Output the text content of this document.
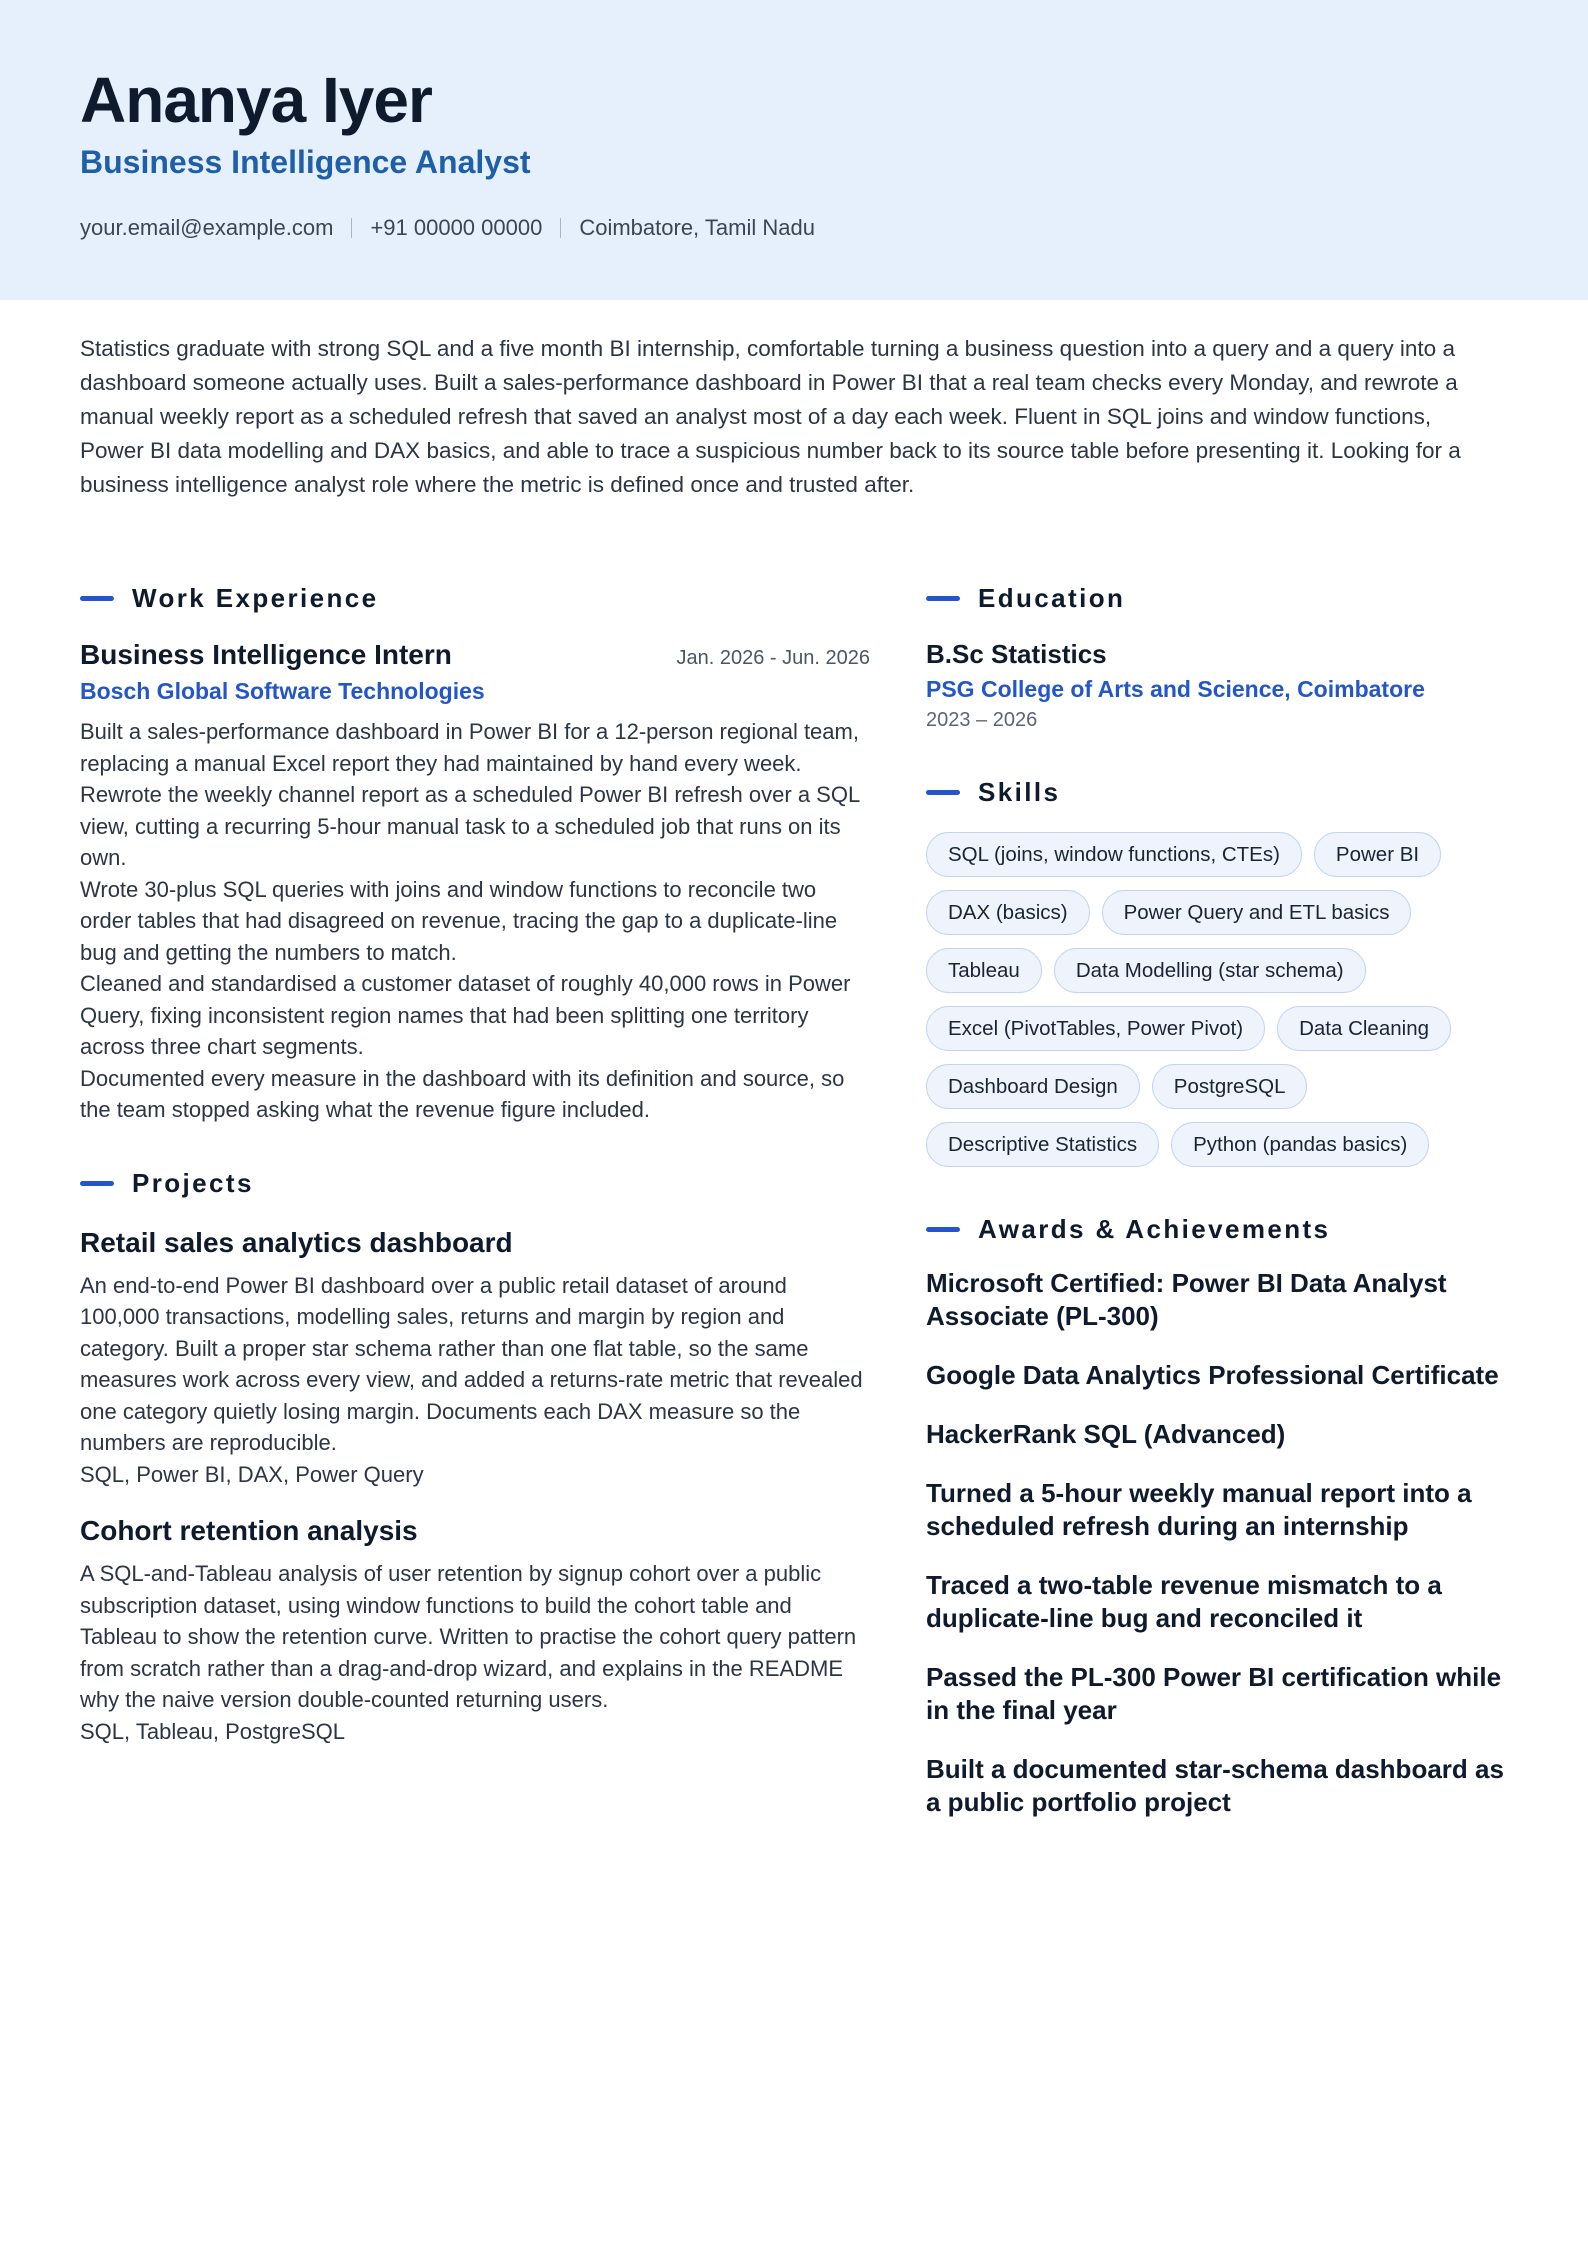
Ananya Iyer
Business Intelligence Analyst
your.email@example.com +91 00000 00000 Coimbatore, Tamil Nadu

Statistics graduate with strong SQL and a five month BI internship, comfortable turning a business question into a query and a query into a dashboard someone actually uses. Built a sales-performance dashboard in Power BI that a real team checks every Monday, and rewrote a manual weekly report as a scheduled refresh that saved an analyst most of a day each week. Fluent in SQL joins and window functions, Power BI data modelling and DAX basics, and able to trace a suspicious number back to its source table before presenting it. Looking for a business intelligence analyst role where the metric is defined once and trusted after.

Work Experience
Business Intelligence Intern	Jan. 2026 - Jun. 2026
Bosch Global Software Technologies

Built a sales-performance dashboard in Power BI for a 12-person regional team, replacing a manual Excel report they had maintained by hand every week.

Rewrote the weekly channel report as a scheduled Power BI refresh over a SQL view, cutting a recurring 5-hour manual task to a scheduled job that runs on its own.

Wrote 30-plus SQL queries with joins and window functions to reconcile two order tables that had disagreed on revenue, tracing the gap to a duplicate-line bug and getting the numbers to match.

Cleaned and standardised a customer dataset of roughly 40,000 rows in Power Query, fixing inconsistent region names that had been splitting one territory across three chart segments.

Documented every measure in the dashboard with its definition and source, so the team stopped asking what the revenue figure included.

Projects
Retail sales analytics dashboard

An end-to-end Power BI dashboard over a public retail dataset of around 100,000 transactions, modelling sales, returns and margin by region and category. Built a proper star schema rather than one flat table, so the same measures work across every view, and added a returns-rate metric that revealed one category quietly losing margin. Documents each DAX measure so the numbers are reproducible.

SQL, Power BI, DAX, Power Query

Cohort retention analysis

A SQL-and-Tableau analysis of user retention by signup cohort over a public subscription dataset, using window functions to build the cohort table and Tableau to show the retention curve. Written to practise the cohort query pattern from scratch rather than a drag-and-drop wizard, and explains in the README why the naive version double-counted returning users.

SQL, Tableau, PostgreSQL

Education
B.Sc Statistics
PSG College of Arts and Science, Coimbatore
2023 – 2026
Skills
SQL (joins, window functions, CTEs)	Power BI
DAX (basics)	Power Query and ETL basics
Tableau	Data Modelling (star schema)
Excel (PivotTables, Power Pivot)	Data Cleaning
Dashboard Design	PostgreSQL
Descriptive Statistics	Python (pandas basics)
Awards & Achievements
Microsoft Certified: Power BI Data Analyst Associate (PL-300)
Google Data Analytics Professional Certificate
HackerRank SQL (Advanced)
Turned a 5-hour weekly manual report into a scheduled refresh during an internship
Traced a two-table revenue mismatch to a duplicate-line bug and reconciled it
Passed the PL-300 Power BI certification while in the final year
Built a documented star-schema dashboard as a public portfolio project
